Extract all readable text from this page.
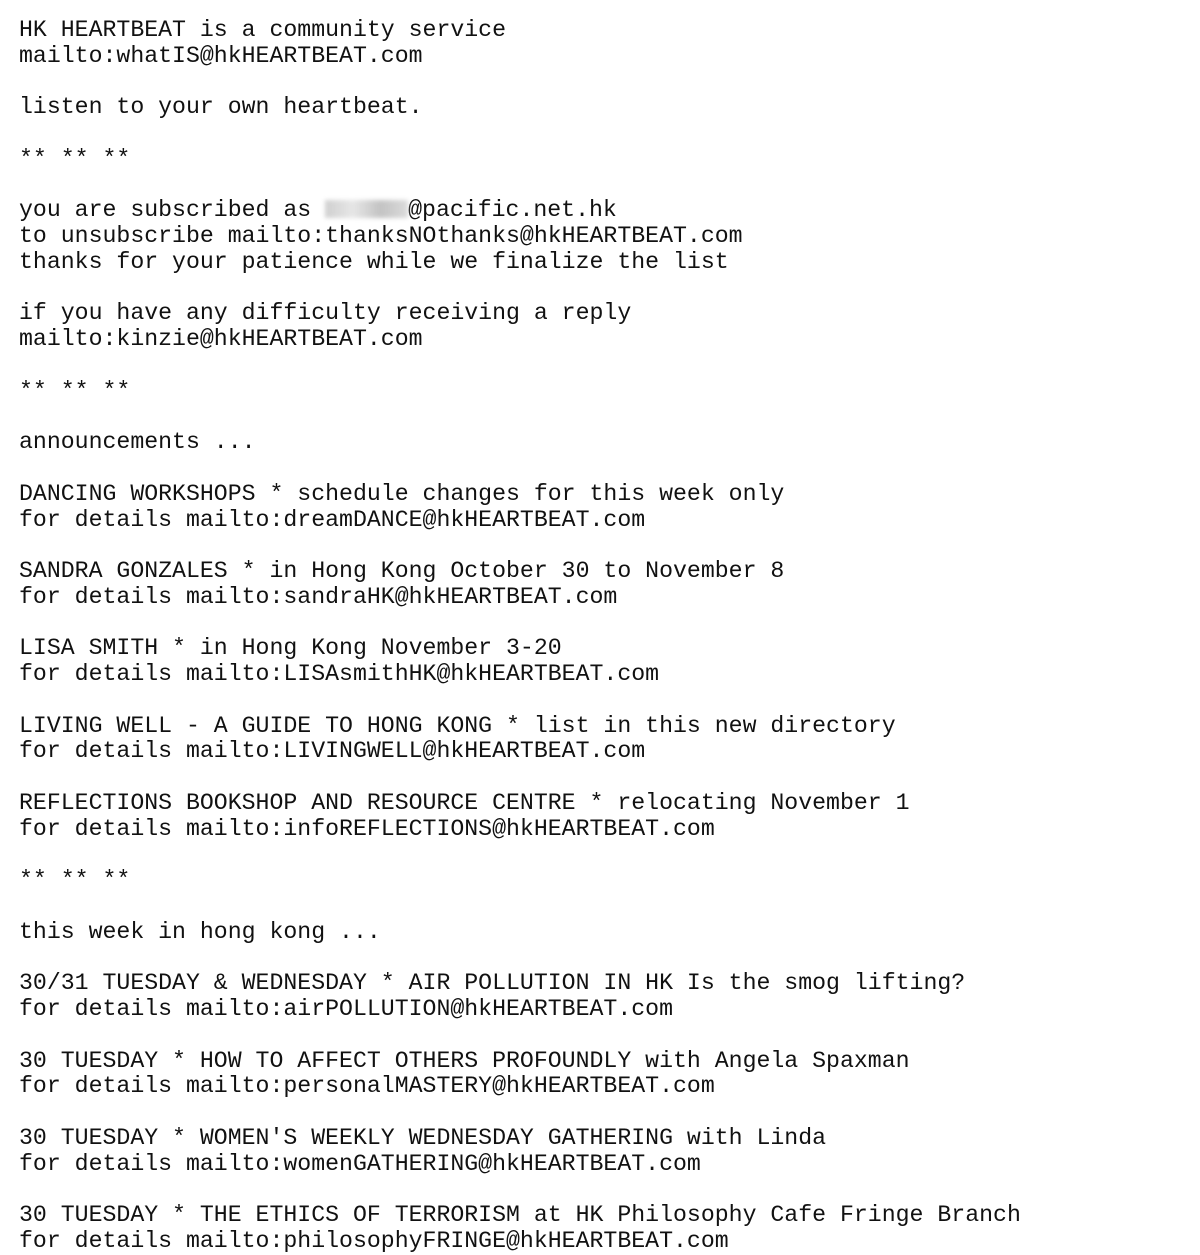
HK HEARTBEAT is a community service
mailto:whatIS@hkHEARTBEAT.com
listen to your own heartbeat.
** ** **
you are subscribed as	@pacific.net.hk
to unsubscribe mailto:thanksNOthanks@hkHEARTBEAT.com
thanks for your patience while we finalize the list
if you have any difficulty receiving a reply
mailto:kinzie@hkHEARTBEAT.com
** ** **
announcements ...
DANCING WORKSHOPS * schedule changes for this week only
for details mailto:dreamDANCE@hkHEARTBEAT.com
SANDRA GONZALES * in Hong Kong October 30 to November 8
for details mailto:sandraHK@hkHEARTBEAT.com
LISA SMITH * in Hong Kong November 3-20
for details mailto:LISAsmithHK@hkHEARTBEAT.com
LIVING WELL - A GUIDE TO HONG KONG * list in this new directory
for details mailto:LIVINGWELL@hkHEARTBEAT.com
REFLECTIONS BOOKSHOP AND RESOURCE CENTRE * relocating November 1
for details mailto:infoREFLECTIONS@hkHEARTBEAT.com
** ** **
this week in hong kong ...
30/31 TUESDAY & WEDNESDAY * AIR POLLUTION IN HK Is the smog lifting?
for details mailto:airPOLLUTION@hkHEARTBEAT.com
30 TUESDAY * HOW TO AFFECT OTHERS PROFOUNDLY with Angela Spaxman
for details mailto:personalMASTERY@hkHEARTBEAT.com
30 TUESDAY * WOMEN'S WEEKLY WEDNESDAY GATHERING with Linda
for details mailto:womenGATHERING@hkHEARTBEAT.com
30 TUESDAY * THE ETHICS OF TERRORISM at HK Philosophy Cafe Fringe Branch
for details mailto:philosophyFRINGE@hkHEARTBEAT.com
